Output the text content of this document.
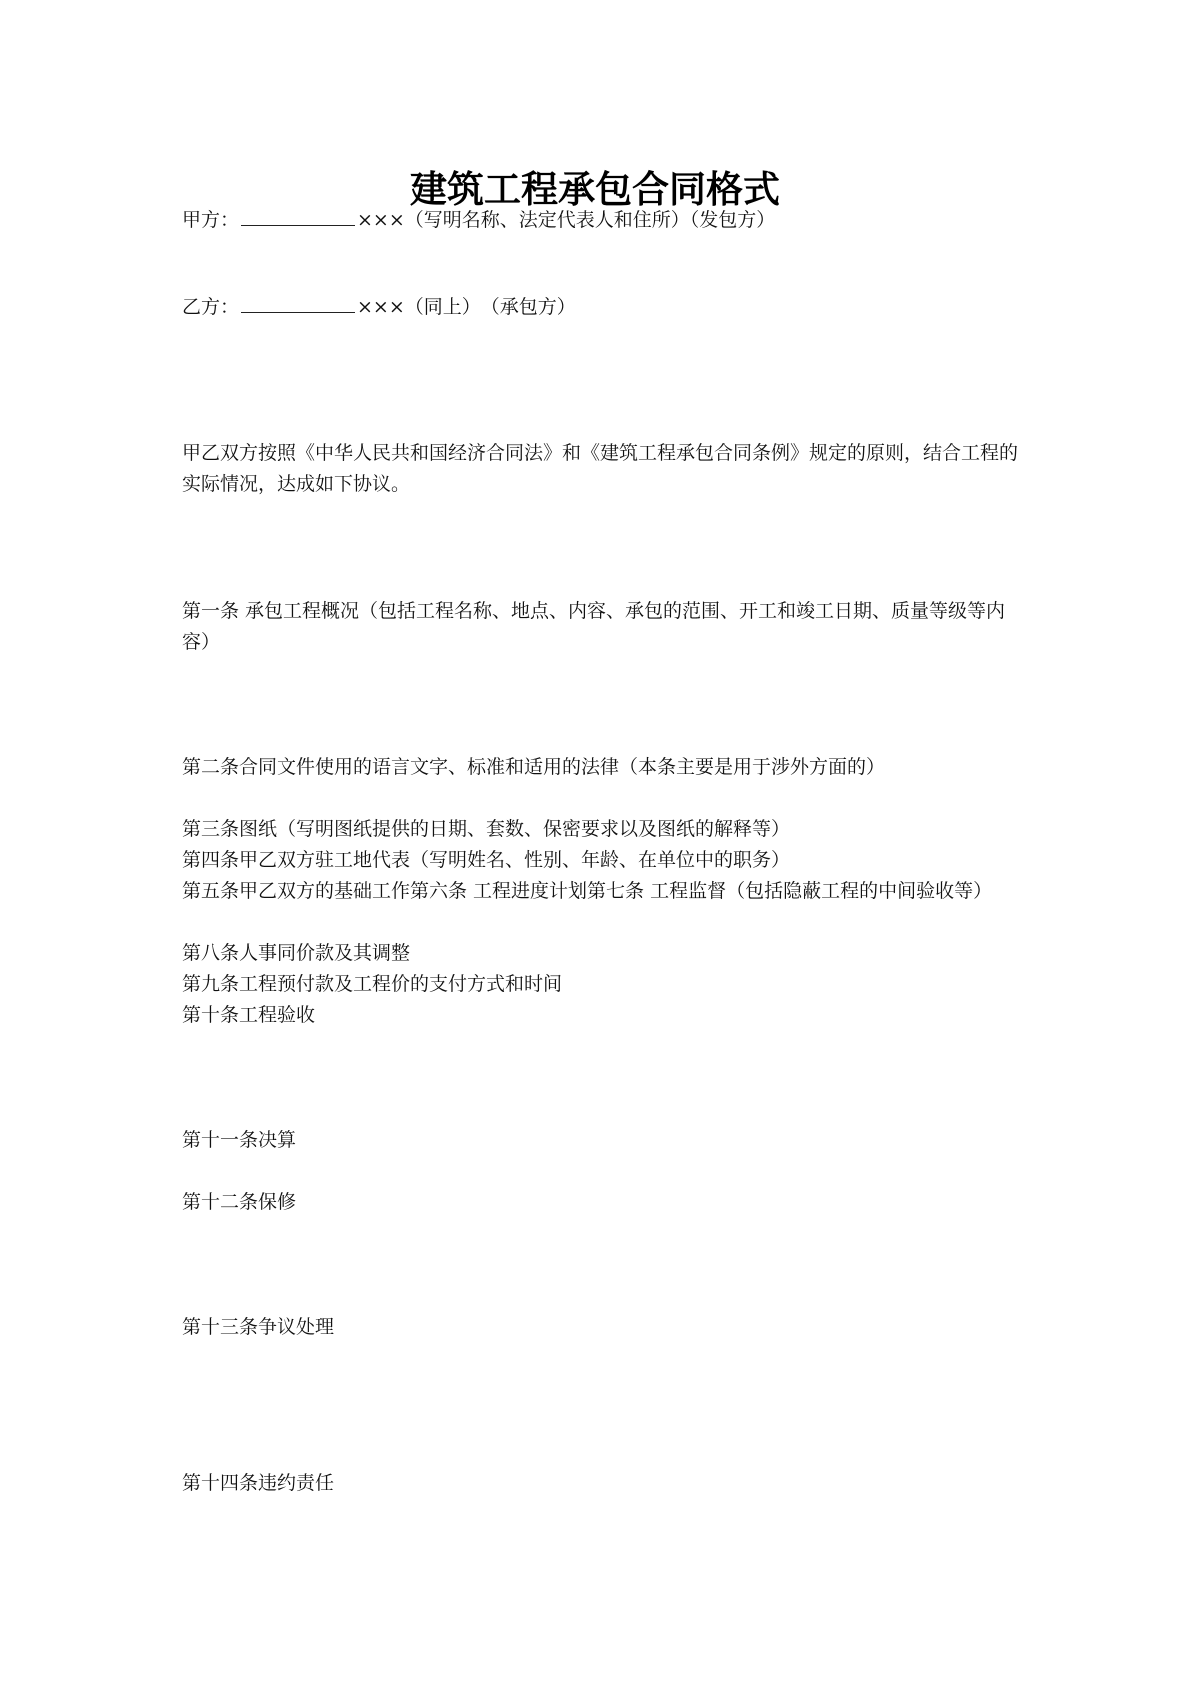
建筑工程承包合同格式
甲方：	×××（写明名称、法定代表人和住所）（发包方）
乙方：	×××（同上）　（承包方）
甲乙双方按照《中华人民共和国经济合同法》和《建筑工程承包合同条例》规定的原则，结合工程的实际情况，达成如下协议。
第一条 承包工程概况（包括工程名称、地点、内容、承包的范围、开工和竣工日期、质量等级等内容）
第二条合同文件使用的语言文字、标准和适用的法律（本条主要是用于涉外方面的）
第三条图纸（写明图纸提供的日期、套数、保密要求以及图纸的解释等）
第四条甲乙双方驻工地代表（写明姓名、性别、年龄、在单位中的职务）
第五条甲乙双方的基础工作第六条 工程进度计划第七条 工程监督（包括隐蔽工程的中间验收等）
第八条人事同价款及其调整
第九条工程预付款及工程价的支付方式和时间
第十条工程验收
第十一条决算
第十二条保修
第十三条争议处理
第十四条违约责任
